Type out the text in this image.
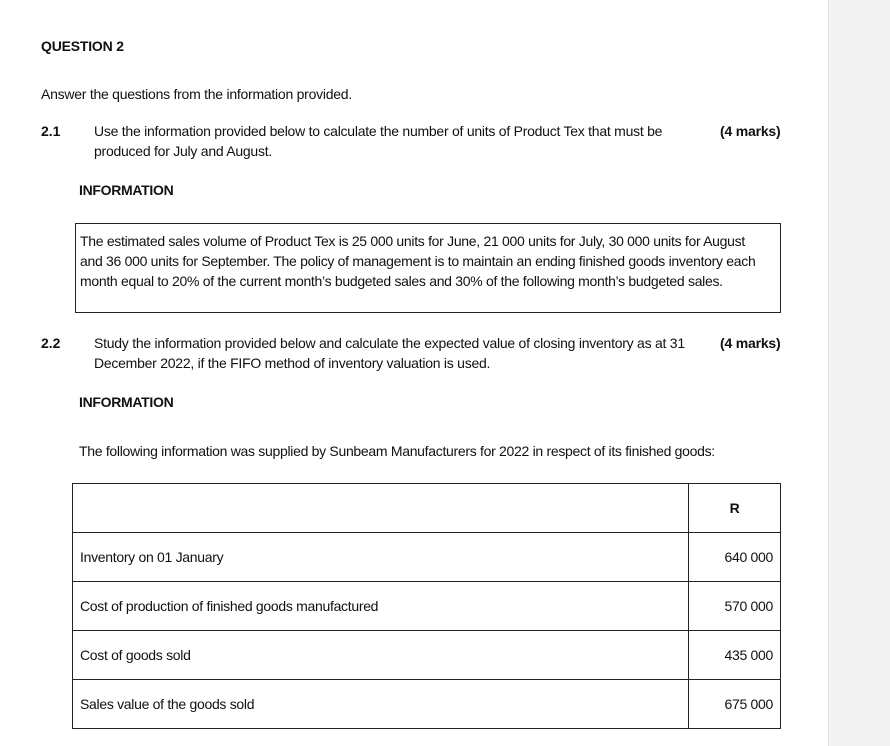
QUESTION 2
Answer the questions from the information provided.
2.1 Use the information provided below to calculate the number of units of Product Tex that must be
produced for July and August.
(4 marks)
INFORMATION
The estimated sales volume of Product Tex is 25 000 units for June, 21 000 units for July, 30 000 units for August
and 36 000 units for September. The policy of management is to maintain an ending finished goods inventory each
month equal to 20% of the current month’s budgeted sales and 30% of the following month’s budgeted sales.
2.2 Study the information provided below and calculate the expected value of closing inventory as at 31
December 2022, if the FIFO method of inventory valuation is used.
(4 marks)
INFORMATION
The following information was supplied by Sunbeam Manufacturers for 2022 in respect of its finished goods:
	R
Inventory on 01 January	640 000
Cost of production of finished goods manufactured	570 000
Cost of goods sold	435 000
Sales value of the goods sold	675 000
